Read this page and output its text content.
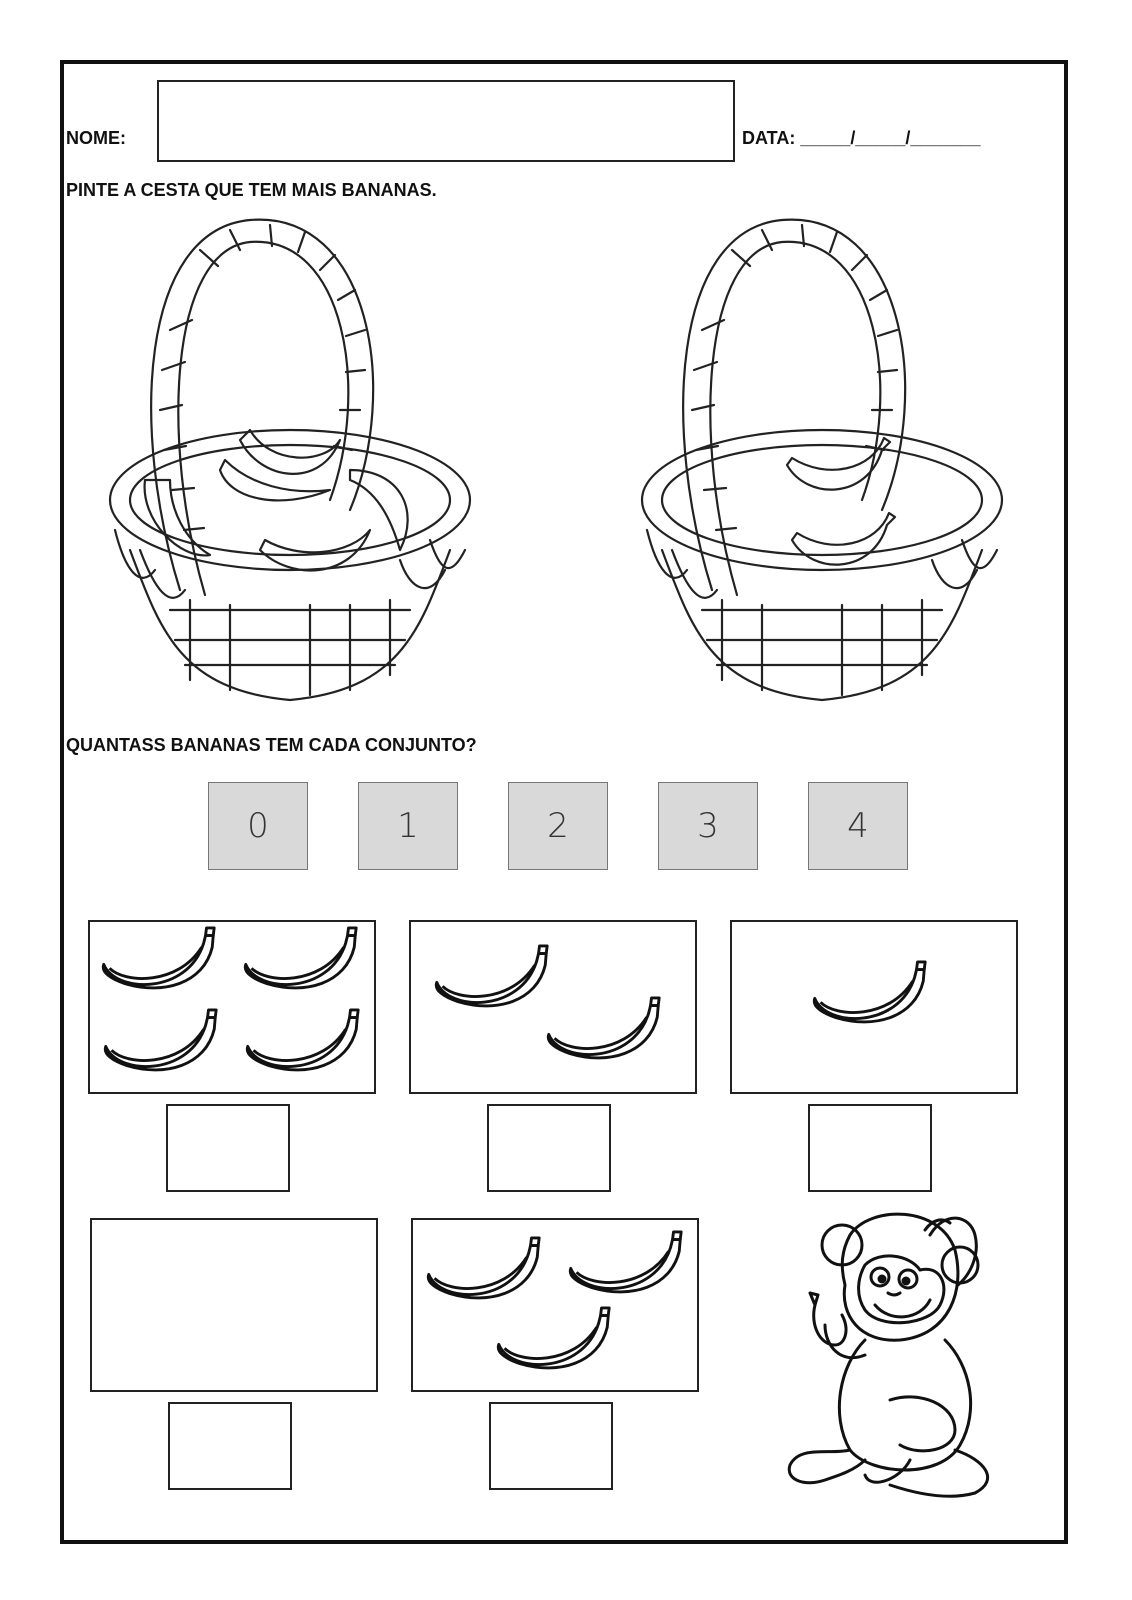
NOME:	DATA: _____/_____/_______
PINTE A CESTA QUE TEM MAIS BANANAS.
QUANTASS BANANAS TEM CADA CONJUNTO?
0	1	2	3	4
